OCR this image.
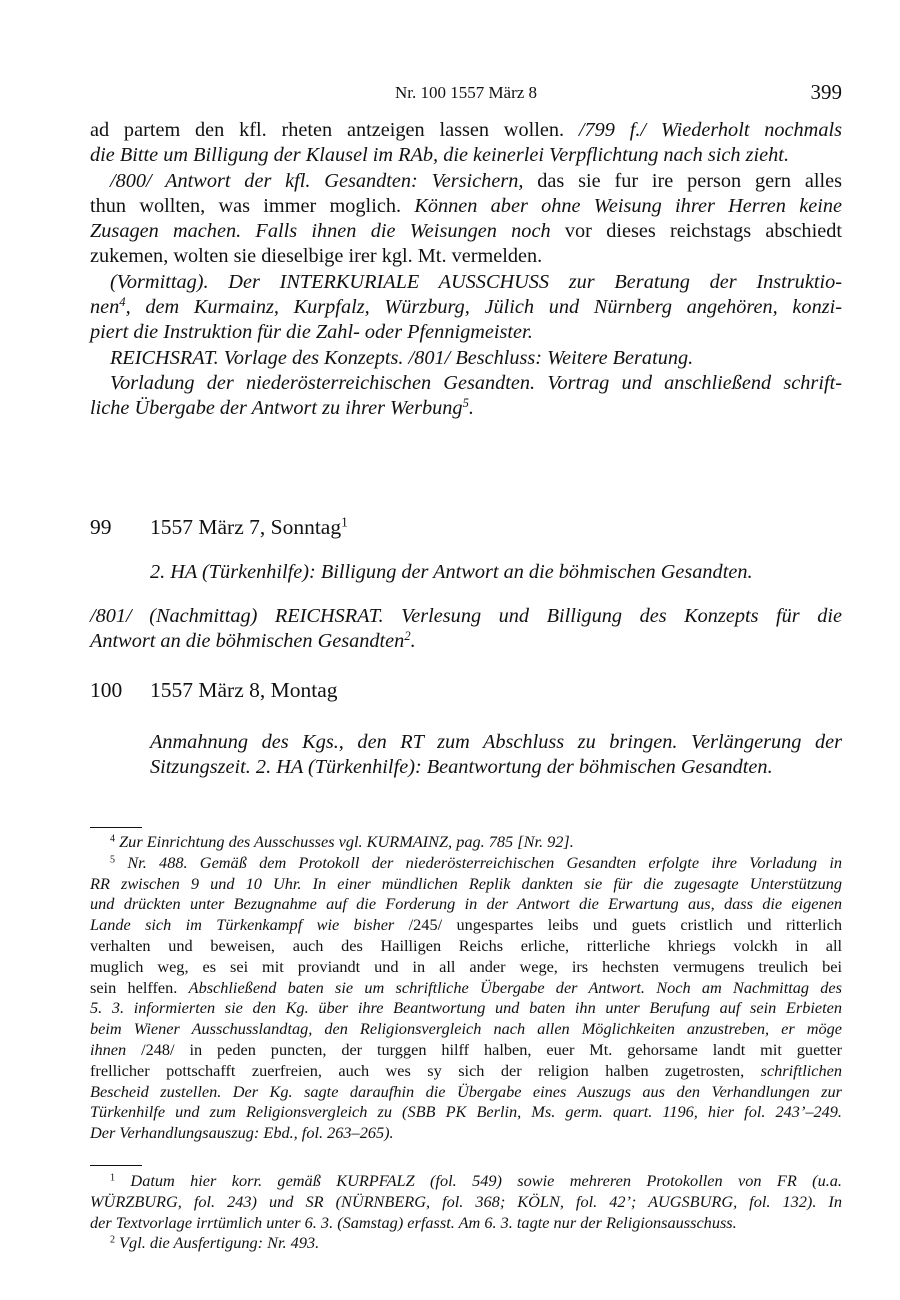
Nr. 100 1557 März 8	399
ad partem den kfl. rheten antzeigen lassen wollen. /799 f./ Wiederholt nochmals
die Bitte um Billigung der Klausel im RAb, die keinerlei Verpflichtung nach sich zieht.
/800/ Antwort der kfl. Gesandten: Versichern, das sie fur ire person gern alles
thun wollten, was immer moglich. Können aber ohne Weisung ihrer Herren keine
Zusagen machen. Falls ihnen die Weisungen noch vor dieses reichstags abschiedt
zukemen, wolten sie dieselbige irer kgl. Mt. vermelden.
(Vormittag). Der INTERKURIALE AUSSCHUSS zur Beratung der Instruktio-
nen$^4$, dem Kurmainz, Kurpfalz, Würzburg, Jülich und Nürnberg angehören, konzi-
piert die Instruktion für die Zahl- oder Pfennigmeister.
REICHSRAT. Vorlage des Konzepts. /801/ Beschluss: Weitere Beratung.
Vorladung der niederösterreichischen Gesandten. Vortrag und anschließend schrift-
liche Übergabe der Antwort zu ihrer Werbung$^5$.
99 1557 März 7, Sonntag$^1$
2. HA (Türkenhilfe): Billigung der Antwort an die böhmischen Gesandten.
/801/ (Nachmittag) REICHSRAT. Verlesung und Billigung des Konzepts für die
Antwort an die böhmischen Gesandten$^2$.
100 1557 März 8, Montag
Anmahnung des Kgs., den RT zum Abschluss zu bringen. Verlängerung der
Sitzungszeit. 2. HA (Türkenhilfe): Beantwortung der böhmischen Gesandten.
$^4$ Zur Einrichtung des Ausschusses vgl. KURMAINZ, pag. 785 [Nr. 92].
$^5$ Nr. 488. Gemäß dem Protokoll der niederösterreichischen Gesandten erfolgte ihre Vorladung in
RR zwischen 9 und 10 Uhr. In einer mündlichen Replik dankten sie für die zugesagte Unterstützung
und drückten unter Bezugnahme auf die Forderung in der Antwort die Erwartung aus, dass die eigenen
Lande sich im Türkenkampf wie bisher /245/ ungespartes leibs und guets cristlich und ritterlich
verhalten und beweisen, auch des Hailligen Reichs erliche, ritterliche khriegs volckh in all
muglich weg, es sei mit proviandt und in all ander wege, irs hechsten vermugens treulich bei
sein helffen. Abschließend baten sie um schriftliche Übergabe der Antwort. Noch am Nachmittag des
5. 3. informierten sie den Kg. über ihre Beantwortung und baten ihn unter Berufung auf sein Erbieten
beim Wiener Ausschusslandtag, den Religionsvergleich nach allen Möglichkeiten anzustreben, er möge
ihnen /248/ in peden puncten, der turggen hilff halben, euer Mt. gehorsame landt mit guetter
frellicher pottschafft zuerfreien, auch wes sy sich der religion halben zugetrosten, schriftlichen
Bescheid zustellen. Der Kg. sagte daraufhin die Übergabe eines Auszugs aus den Verhandlungen zur
Türkenhilfe und zum Religionsvergleich zu (SBB PK Berlin, Ms. germ. quart. 1196, hier fol. 243’–249.
Der Verhandlungsauszug: Ebd., fol. 263–265).
$^1$ Datum hier korr. gemäß KURPFALZ (fol. 549) sowie mehreren Protokollen von FR (u.a.
WÜRZBURG, fol. 243) und SR (NÜRNBERG, fol. 368; KÖLN, fol. 42’; AUGSBURG, fol. 132). In
der Textvorlage irrtümlich unter 6. 3. (Samstag) erfasst. Am 6. 3. tagte nur der Religionsausschuss.
$^2$ Vgl. die Ausfertigung: Nr. 493.
